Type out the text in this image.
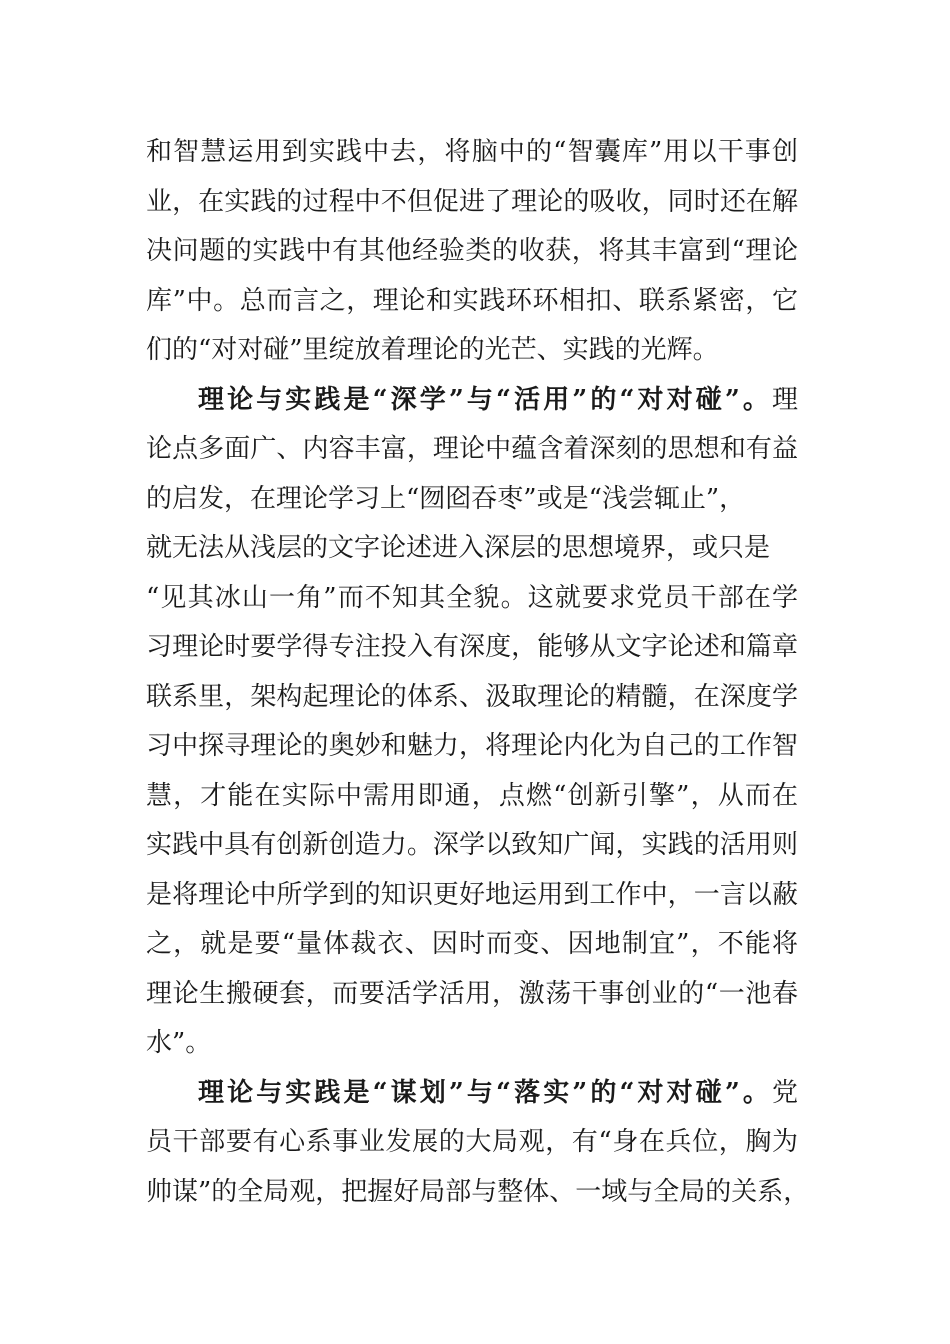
和智慧运用到实践中去，将脑中的“智囊库”用以干事创
业，在实践的过程中不但促进了理论的吸收，同时还在解
决问题的实践中有其他经验类的收获，将其丰富到“理论
库”中。总而言之，理论和实践环环相扣、联系紧密，它
们的“对对碰”里绽放着理论的光芒、实践的光辉。
理论与实践是“深学”与“活用”的“对对碰”。理
论点多面广、内容丰富，理论中蕴含着深刻的思想和有益
的启发，在理论学习上“囫囵吞枣”或是“浅尝辄止”，
就无法从浅层的文字论述进入深层的思想境界，或只是
“见其冰山一角”而不知其全貌。这就要求党员干部在学
习理论时要学得专注投入有深度，能够从文字论述和篇章
联系里，架构起理论的体系、汲取理论的精髓，在深度学
习中探寻理论的奥妙和魅力，将理论内化为自己的工作智
慧，才能在实际中需用即通，点燃“创新引擎”，从而在
实践中具有创新创造力。深学以致知广闻，实践的活用则
是将理论中所学到的知识更好地运用到工作中，一言以蔽
之，就是要“量体裁衣、因时而变、因地制宜”，不能将
理论生搬硬套，而要活学活用，激荡干事创业的“一池春
水”。
理论与实践是“谋划”与“落实”的“对对碰”。党
员干部要有心系事业发展的大局观，有“身在兵位，胸为
帅谋”的全局观，把握好局部与整体、一域与全局的关系，
